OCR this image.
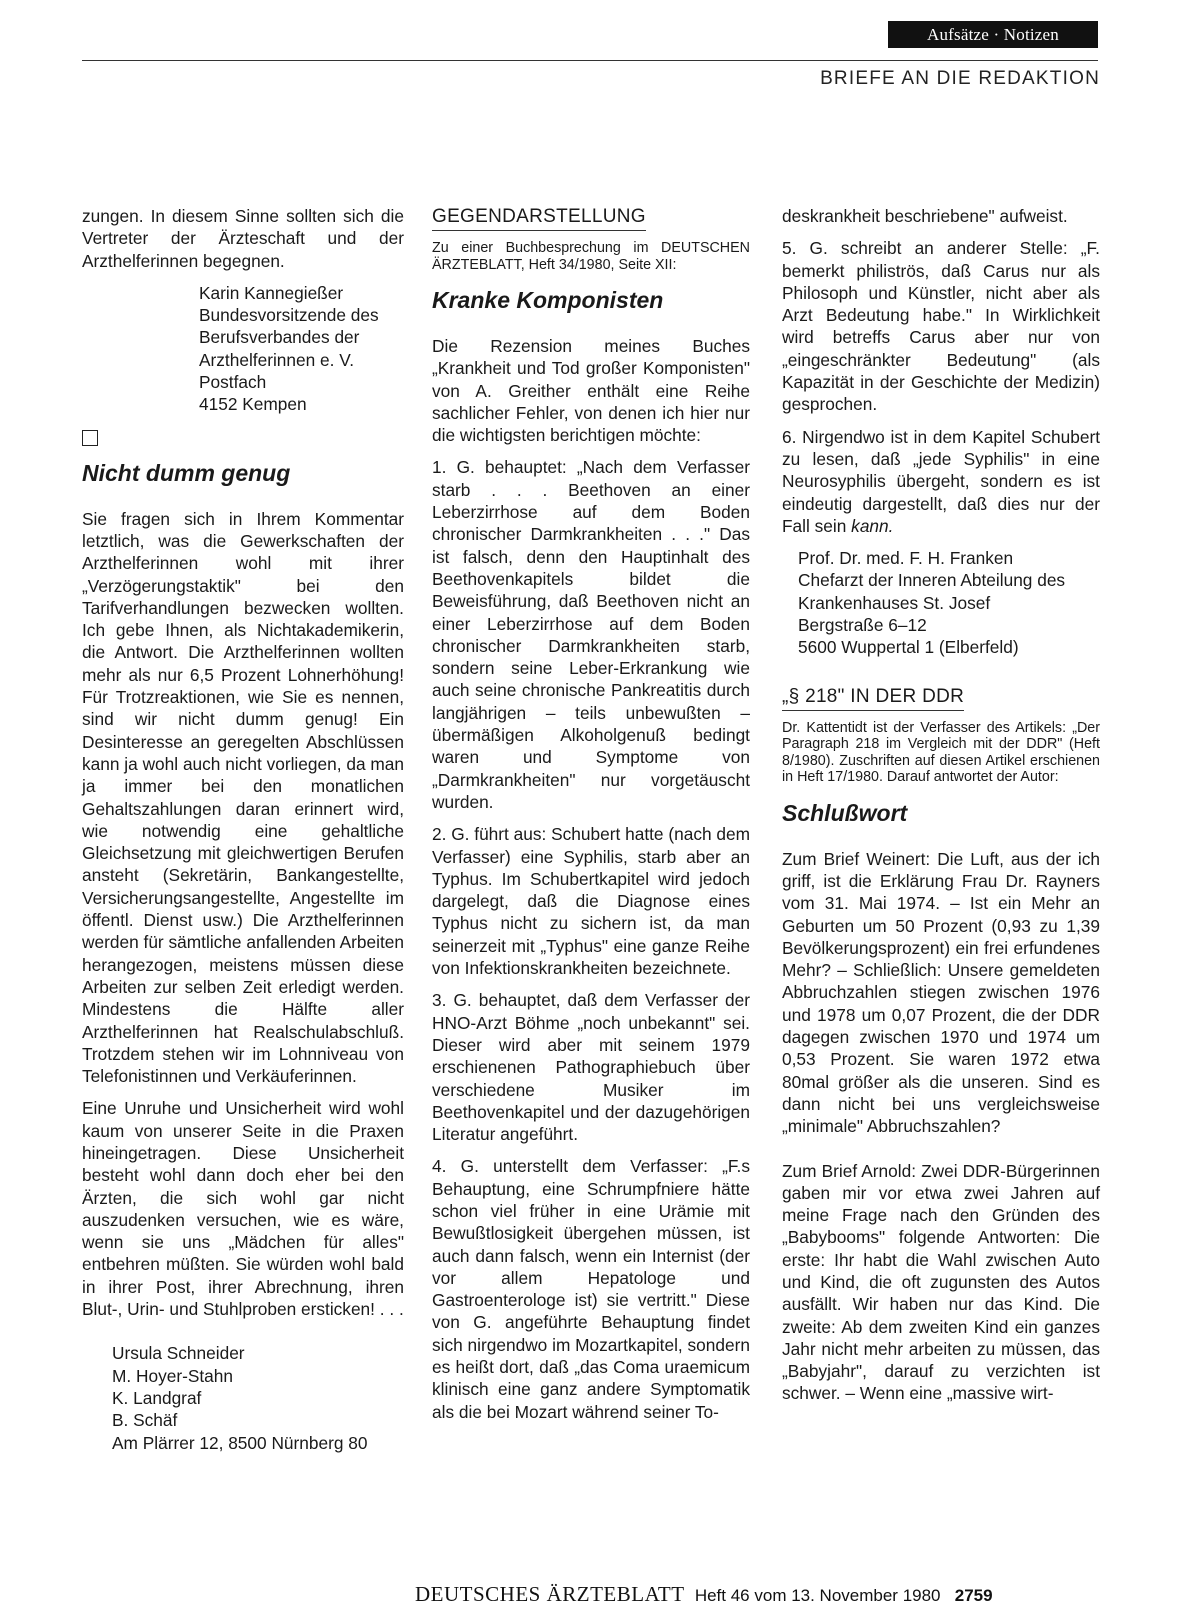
Aufsätze · Notizen
BRIEFE AN DIE REDAKTION

zungen. In diesem Sinne sollten sich die Vertreter der Ärzteschaft und der Arzthelferinnen begegnen.

Karin Kannegießer
Bundesvorsitzende des
Berufsverbandes der
Arzthelferinnen e. V.
Postfach
4152 Kempen
Nicht dumm genug

Sie fragen sich in Ihrem Kommentar letztlich, was die Gewerkschaften der Arzthelferinnen wohl mit ihrer „Verzögerungstaktik" bei den Tarifverhandlungen bezwecken wollten. Ich gebe Ihnen, als Nichtakademikerin, die Antwort. Die Arzthelferinnen wollten mehr als nur 6,5 Prozent Lohnerhöhung! Für Trotzreaktionen, wie Sie es nennen, sind wir nicht dumm genug! Ein Desinteresse an geregelten Abschlüssen kann ja wohl auch nicht vorliegen, da man ja immer bei den monatlichen Gehaltszahlungen daran erinnert wird, wie notwendig eine gehaltliche Gleichsetzung mit gleichwertigen Berufen ansteht (Sekretärin, Bankangestellte, Versicherungsangestellte, Angestellte im öffentl. Dienst usw.) Die Arzthelferinnen werden für sämtliche anfallenden Arbeiten herangezogen, meistens müssen diese Arbeiten zur selben Zeit erledigt werden. Mindestens die Hälfte aller Arzthelferinnen hat Realschulabschluß. Trotzdem stehen wir im Lohnniveau von Telefonistinnen und Verkäuferinnen.

Eine Unruhe und Unsicherheit wird wohl kaum von unserer Seite in die Praxen hineingetragen. Diese Unsicherheit besteht wohl dann doch eher bei den Ärzten, die sich wohl gar nicht auszudenken versuchen, wie es wäre, wenn sie uns „Mädchen für alles" entbehren müßten. Sie würden wohl bald in ihrer Post, ihrer Abrechnung, ihren Blut-, Urin- und Stuhlproben ersticken! . . .

Ursula Schneider
M. Hoyer-Stahn
K. Landgraf
B. Schäf
Am Plärrer 12, 8500 Nürnberg 80
GEGENDARSTELLUNG

Zu einer Buchbesprechung im DEUTSCHEN ÄRZTEBLATT, Heft 34/1980, Seite XII:

Kranke Komponisten

Die Rezension meines Buches „Krankheit und Tod großer Komponisten" von A. Greither enthält eine Reihe sachlicher Fehler, von denen ich hier nur die wichtigsten berichtigen möchte:

1. G. behauptet: „Nach dem Verfasser starb . . . Beethoven an einer Leberzirrhose auf dem Boden chronischer Darmkrankheiten . . ." Das ist falsch, denn den Hauptinhalt des Beethovenkapitels bildet die Beweisführung, daß Beethoven nicht an einer Leberzirrhose auf dem Boden chronischer Darmkrankheiten starb, sondern seine Leber-Erkrankung wie auch seine chronische Pankreatitis durch langjährigen – teils unbewußten – übermäßigen Alkoholgenuß bedingt waren und Symptome von „Darmkrankheiten" nur vorgetäuscht wurden.

2. G. führt aus: Schubert hatte (nach dem Verfasser) eine Syphilis, starb aber an Typhus. Im Schubertkapitel wird jedoch dargelegt, daß die Diagnose eines Typhus nicht zu sichern ist, da man seinerzeit mit „Typhus" eine ganze Reihe von Infektionskrankheiten bezeichnete.

3. G. behauptet, daß dem Verfasser der HNO-Arzt Böhme „noch unbekannt" sei. Dieser wird aber mit seinem 1979 erschienenen Pathographiebuch über verschiedene Musiker im Beethovenkapitel und der dazugehörigen Literatur angeführt.

4. G. unterstellt dem Verfasser: „F.s Behauptung, eine Schrumpfniere hätte schon viel früher in eine Urämie mit Bewußtlosigkeit übergehen müssen, ist auch dann falsch, wenn ein Internist (der vor allem Hepatologe und Gastroenterologe ist) sie vertritt." Diese von G. angeführte Behauptung findet sich nirgendwo im Mozartkapitel, sondern es heißt dort, daß „das Coma uraemicum klinisch eine ganz andere Symptomatik als die bei Mozart während seiner To-

deskrankheit beschriebene" aufweist.

5. G. schreibt an anderer Stelle: „F. bemerkt philiströs, daß Carus nur als Philosoph und Künstler, nicht aber als Arzt Bedeutung habe." In Wirklichkeit wird betreffs Carus aber nur von „eingeschränkter Bedeutung" (als Kapazität in der Geschichte der Medizin) gesprochen.

6. Nirgendwo ist in dem Kapitel Schubert zu lesen, daß „jede Syphilis" in eine Neurosyphilis übergeht, sondern es ist eindeutig dargestellt, daß dies nur der Fall sein kann.

Prof. Dr. med. F. H. Franken
Chefarzt der Inneren Abteilung des
Krankenhauses St. Josef
Bergstraße 6–12
5600 Wuppertal 1 (Elberfeld)
„§ 218" IN DER DDR

Dr. Kattentidt ist der Verfasser des Artikels: „Der Paragraph 218 im Vergleich mit der DDR" (Heft 8/1980). Zuschriften auf diesen Artikel erschienen in Heft 17/1980. Darauf antwortet der Autor:

Schlußwort

Zum Brief Weinert: Die Luft, aus der ich griff, ist die Erklärung Frau Dr. Rayners vom 31. Mai 1974. – Ist ein Mehr an Geburten um 50 Prozent (0,93 zu 1,39 Bevölkerungsprozent) ein frei erfundenes Mehr? – Schließlich: Unsere gemeldeten Abbruchzahlen stiegen zwischen 1976 und 1978 um 0,07 Prozent, die der DDR dagegen zwischen 1970 und 1974 um 0,53 Prozent. Sie waren 1972 etwa 80mal größer als die unseren. Sind es dann nicht bei uns vergleichsweise „minimale" Abbruchszahlen?

Zum Brief Arnold: Zwei DDR-Bürgerinnen gaben mir vor etwa zwei Jahren auf meine Frage nach den Gründen des „Babybooms" folgende Antworten: Die erste: Ihr habt die Wahl zwischen Auto und Kind, die oft zugunsten des Autos ausfällt. Wir haben nur das Kind. Die zweite: Ab dem zweiten Kind ein ganzes Jahr nicht mehr arbeiten zu müssen, das „Babyjahr", darauf zu verzichten ist schwer. – Wenn eine „massive wirt-

DEUTSCHES ÄRZTEBLATT Heft 46 vom 13. November 1980 2759
